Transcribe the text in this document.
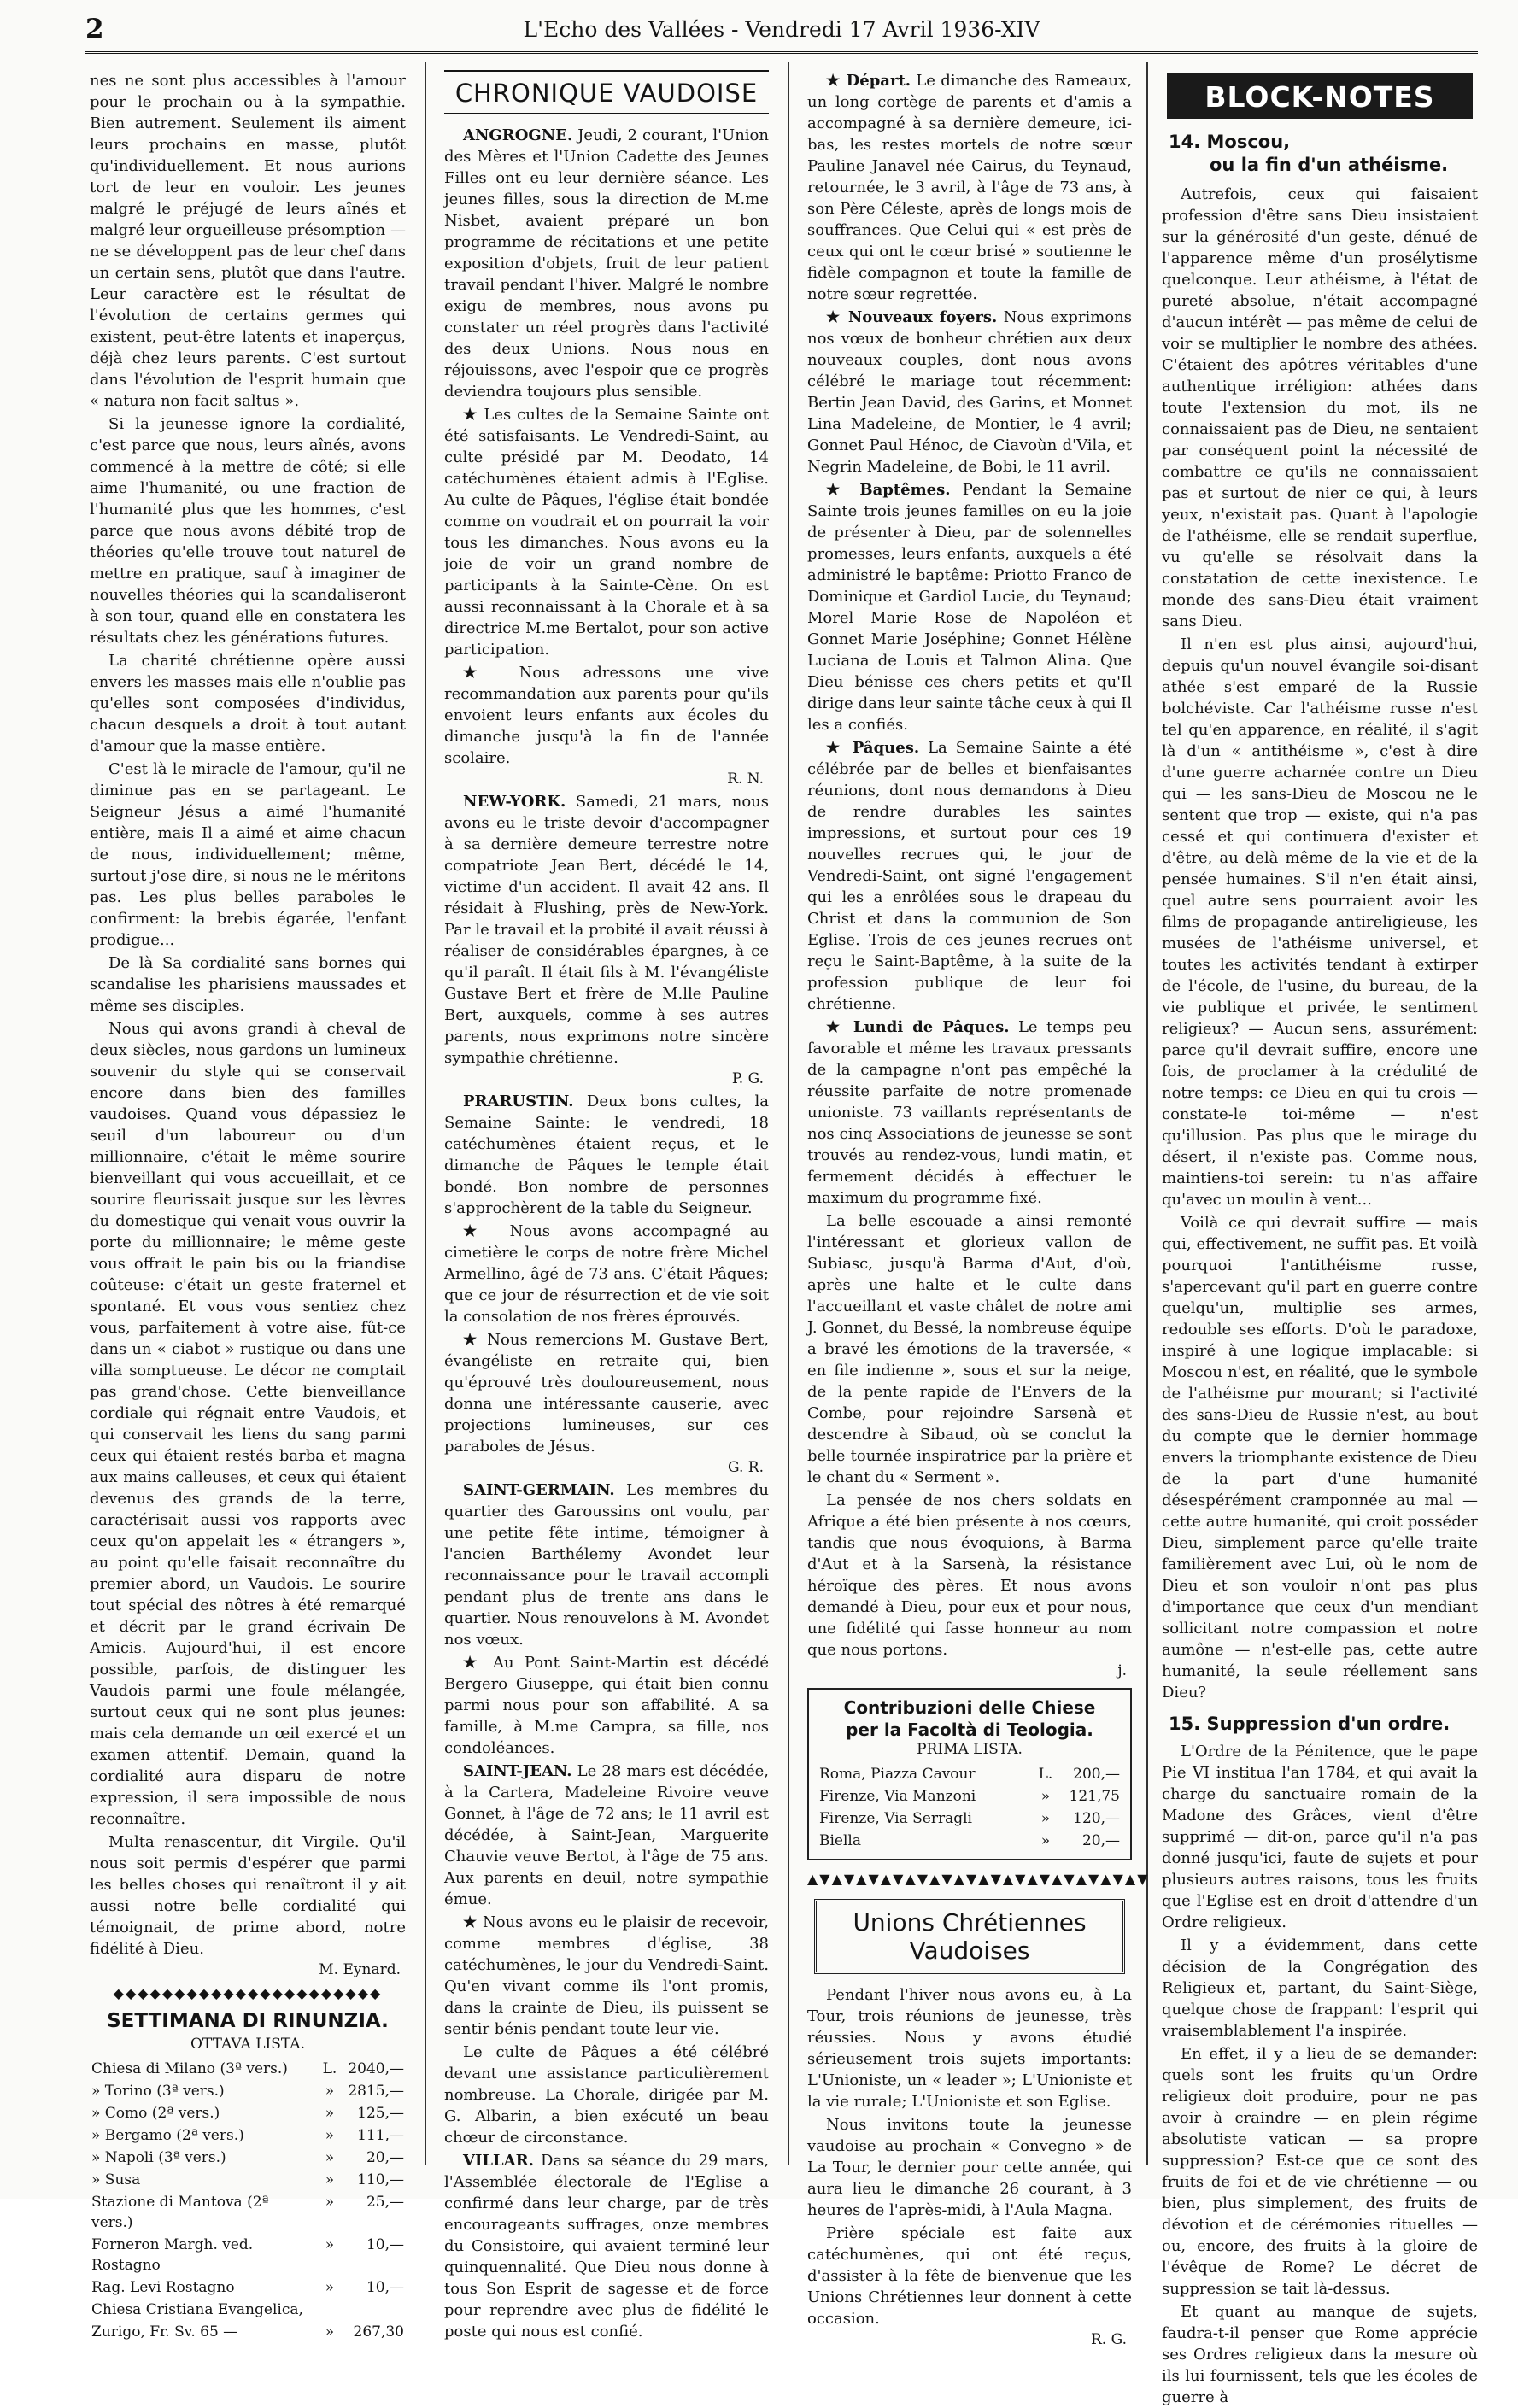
2	L'Echo des Vallées - Vendredi 17 Avril 1936-XIV

nes ne sont plus accessibles à l'amour pour le prochain ou à la sympathie. Bien autrement. Seulement ils aiment leurs prochains en masse, plutôt qu'individuellement. Et nous aurions tort de leur en vouloir. Les jeunes malgré le préjugé de leurs aînés et malgré leur orgueilleuse présomption — ne se développent pas de leur chef dans un certain sens, plutôt que dans l'autre. Leur caractère est le résultat de l'évolution de certains germes qui existent, peut-être latents et inaperçus, déjà chez leurs parents. C'est surtout dans l'évolution de l'esprit humain que « natura non facit saltus ».

Si la jeunesse ignore la cordialité, c'est parce que nous, leurs aînés, avons commencé à la mettre de côté; si elle aime l'humanité, ou une fraction de l'humanité plus que les hommes, c'est parce que nous avons débité trop de théories qu'elle trouve tout naturel de mettre en pratique, sauf à imaginer de nouvelles théories qui la scandaliseront à son tour, quand elle en constatera les résultats chez les générations futures.

La charité chrétienne opère aussi envers les masses mais elle n'oublie pas qu'elles sont composées d'individus, chacun desquels a droit à tout autant d'amour que la masse entière.

C'est là le miracle de l'amour, qu'il ne diminue pas en se partageant. Le Seigneur Jésus a aimé l'humanité entière, mais Il a aimé et aime chacun de nous, individuellement; même, surtout j'ose dire, si nous ne le méritons pas. Les plus belles paraboles le confirment: la brebis égarée, l'enfant prodigue...

De là Sa cordialité sans bornes qui scandalise les pharisiens maussades et même ses disciples.

Nous qui avons grandi à cheval de deux siècles, nous gardons un lumineux souvenir du style qui se conservait encore dans bien des familles vaudoises. Quand vous dépassiez le seuil d'un laboureur ou d'un millionnaire, c'était le même sourire bienveillant qui vous accueillait, et ce sourire fleurissait jusque sur les lèvres du domestique qui venait vous ouvrir la porte du millionnaire; le même geste vous offrait le pain bis ou la friandise coûteuse: c'était un geste fraternel et spontané. Et vous vous sentiez chez vous, parfaitement à votre aise, fût-ce dans un « ciabot » rustique ou dans une villa somptueuse. Le décor ne comptait pas grand'chose. Cette bienveillance cordiale qui régnait entre Vaudois, et qui conservait les liens du sang parmi ceux qui étaient restés barba et magna aux mains calleuses, et ceux qui étaient devenus des grands de la terre, caractérisait aussi vos rapports avec ceux qu'on appelait les « étrangers », au point qu'elle faisait reconnaître du premier abord, un Vaudois. Le sourire tout spécial des nôtres à été remarqué et décrit par le grand écrivain De Amicis. Aujourd'hui, il est encore possible, parfois, de distinguer les Vaudois parmi une foule mélangée, surtout ceux qui ne sont plus jeunes: mais cela demande un œil exercé et un examen attentif. Demain, quand la cordialité aura disparu de notre expression, il sera impossible de nous reconnaître.

Multa renascentur, dit Virgile. Qu'il nous soit permis d'espérer que parmi les belles choses qui renaîtront il y ait aussi notre belle cordialité qui témoignait, de prime abord, notre fidélité à Dieu.

M. Eynard.
◆◆◆◆◆◆◆◆◆◆◆◆◆◆◆◆◆◆◆◆◆◆
SETTIMANA DI RINUNZIA.
OTTAVA LISTA.
Chiesa di Milano (3ª vers.)	L.	2040,—
» Torino (3ª vers.)	»	2815,—
» Como (2ª vers.)	»	125,—
» Bergamo (2ª vers.)	»	111,—
» Napoli (3ª vers.)	»	20,—
» Susa	»	110,—
Stazione di Mantova (2ª vers.)	»	25,—
Forneron Margh. ved. Rostagno	»	10,—
Rag. Levi Rostagno	»	10,—
Chiesa Cristiana Evangelica,		
Zurigo, Fr. Sv. 65 —	»	267,30
CHRONIQUE VAUDOISE

ANGROGNE. Jeudi, 2 courant, l'Union des Mères et l'Union Cadette des Jeunes Filles ont eu leur dernière séance. Les jeunes filles, sous la direction de M.me Nisbet, avaient préparé un bon programme de récitations et une petite exposition d'objets, fruit de leur patient travail pendant l'hiver. Malgré le nombre exigu de membres, nous avons pu constater un réel progrès dans l'activité des deux Unions. Nous nous en réjouissons, avec l'espoir que ce progrès deviendra toujours plus sensible.

★ Les cultes de la Semaine Sainte ont été satisfaisants. Le Vendredi-Saint, au culte présidé par M. Deodato, 14 catéchumènes étaient admis à l'Eglise. Au culte de Pâques, l'église était bondée comme on voudrait et on pourrait la voir tous les dimanches. Nous avons eu la joie de voir un grand nombre de participants à la Sainte-Cène. On est aussi reconnaissant à la Chorale et à sa directrice M.me Bertalot, pour son active participation.

★ Nous adressons une vive recommandation aux parents pour qu'ils envoient leurs enfants aux écoles du dimanche jusqu'à la fin de l'année scolaire.

R. N.

NEW-YORK. Samedi, 21 mars, nous avons eu le triste devoir d'accompagner à sa dernière demeure terrestre notre compatriote Jean Bert, décédé le 14, victime d'un accident. Il avait 42 ans. Il résidait à Flushing, près de New-York. Par le travail et la probité il avait réussi à réaliser de considérables épargnes, à ce qu'il paraît. Il était fils à M. l'évangéliste Gustave Bert et frère de M.lle Pauline Bert, auxquels, comme à ses autres parents, nous exprimons notre sincère sympathie chrétienne.

P. G.

PRARUSTIN. Deux bons cultes, la Semaine Sainte: le vendredi, 18 catéchumènes étaient reçus, et le dimanche de Pâques le temple était bondé. Bon nombre de personnes s'approchèrent de la table du Seigneur.

★ Nous avons accompagné au cimetière le corps de notre frère Michel Armellino, âgé de 73 ans. C'était Pâques; que ce jour de résurrection et de vie soit la consolation de nos frères éprouvés.

★ Nous remercions M. Gustave Bert, évangéliste en retraite qui, bien qu'éprouvé très douloureusement, nous donna une intéressante causerie, avec projections lumineuses, sur ces paraboles de Jésus.

G. R.

SAINT-GERMAIN. Les membres du quartier des Garoussins ont voulu, par une petite fête intime, témoigner à l'ancien Barthélemy Avondet leur reconnaissance pour le travail accompli pendant plus de trente ans dans le quartier. Nous renouvelons à M. Avondet nos vœux.

★ Au Pont Saint-Martin est décédé Bergero Giuseppe, qui était bien connu parmi nous pour son affabilité. A sa famille, à M.me Campra, sa fille, nos condoléances.

SAINT-JEAN. Le 28 mars est décédée, à la Cartera, Madeleine Rivoire veuve Gonnet, à l'âge de 72 ans; le 11 avril est décédée, à Saint-Jean, Marguerite Chauvie veuve Bertot, à l'âge de 75 ans. Aux parents en deuil, notre sympathie émue.

★ Nous avons eu le plaisir de recevoir, comme membres d'église, 38 catéchumènes, le jour du Vendredi-Saint. Qu'en vivant comme ils l'ont promis, dans la crainte de Dieu, ils puissent se sentir bénis pendant toute leur vie.

Le culte de Pâques a été célébré devant une assistance particulièrement nombreuse. La Chorale, dirigée par M. G. Albarin, a bien exécuté un beau chœur de circonstance.

VILLAR. Dans sa séance du 29 mars, l'Assemblée électorale de l'Eglise a confirmé dans leur charge, par de très encourageants suffrages, onze membres du Consistoire, qui avaient terminé leur quinquennalité. Que Dieu nous donne à tous Son Esprit de sagesse et de force pour reprendre avec plus de fidélité le poste qui nous est confié.

★ Départ. Le dimanche des Rameaux, un long cortège de parents et d'amis a accompagné à sa dernière demeure, ici-bas, les restes mortels de notre sœur Pauline Janavel née Cairus, du Teynaud, retournée, le 3 avril, à l'âge de 73 ans, à son Père Céleste, après de longs mois de souffrances. Que Celui qui « est près de ceux qui ont le cœur brisé » soutienne le fidèle compagnon et toute la famille de notre sœur regrettée.

★ Nouveaux foyers. Nous exprimons nos vœux de bonheur chrétien aux deux nouveaux couples, dont nous avons célébré le mariage tout récemment: Bertin Jean David, des Garins, et Monnet Lina Madeleine, de Montier, le 4 avril; Gonnet Paul Hénoc, de Ciavoùn d'Vila, et Negrin Madeleine, de Bobi, le 11 avril.

★ Baptêmes. Pendant la Semaine Sainte trois jeunes familles on eu la joie de présenter à Dieu, par de solennelles promesses, leurs enfants, auxquels a été administré le baptême: Priotto Franco de Dominique et Gardiol Lucie, du Teynaud; Morel Marie Rose de Napoléon et Gonnet Marie Joséphine; Gonnet Hélène Luciana de Louis et Talmon Alina. Que Dieu bénisse ces chers petits et qu'Il dirige dans leur sainte tâche ceux à qui Il les a confiés.

★ Pâques. La Semaine Sainte a été célébrée par de belles et bienfaisantes réunions, dont nous demandons à Dieu de rendre durables les saintes impressions, et surtout pour ces 19 nouvelles recrues qui, le jour de Vendredi-Saint, ont signé l'engagement qui les a enrôlées sous le drapeau du Christ et dans la communion de Son Eglise. Trois de ces jeunes recrues ont reçu le Saint-Baptême, à la suite de la profession publique de leur foi chrétienne.

★ Lundi de Pâques. Le temps peu favorable et même les travaux pressants de la campagne n'ont pas empêché la réussite parfaite de notre promenade unioniste. 73 vaillants représentants de nos cinq Associations de jeunesse se sont trouvés au rendez-vous, lundi matin, et fermement décidés à effectuer le maximum du programme fixé.

La belle escouade a ainsi remonté l'intéressant et glorieux vallon de Subiasc, jusqu'à Barma d'Aut, d'où, après une halte et le culte dans l'accueillant et vaste châlet de notre ami J. Gonnet, du Bessé, la nombreuse équipe a bravé les émotions de la traversée, « en file indienne », sous et sur la neige, de la pente rapide de l'Envers de la Combe, pour rejoindre Sarsenà et descendre à Sibaud, où se conclut la belle tournée inspiratrice par la prière et le chant du « Serment ».

La pensée de nos chers soldats en Afrique a été bien présente à nos cœurs, tandis que nous évoquions, à Barma d'Aut et à la Sarsenà, la résistance héroïque des pères. Et nous avons demandé à Dieu, pour eux et pour nous, une fidélité qui fasse honneur au nom que nous portons.

j.
Contribuzioni delle Chiese
per la Facoltà di Teologia.
PRIMA LISTA.
Roma, Piazza Cavour	L.	200,—
Firenze, Via Manzoni	»	121,75
Firenze, Via Serragli	»	120,—
Biella	»	20,—
▲▼▲▼▲▼▲▼▲▼▲▼▲▼▲▼▲▼▲▼▲▼▲▼▲▼▲▼
Unions Chrétiennes Vaudoises

Pendant l'hiver nous avons eu, à La Tour, trois réunions de jeunesse, très réussies. Nous y avons étudié sérieusement trois sujets importants: L'Unioniste, un « leader »; L'Unioniste et la vie rurale; L'Unioniste et son Eglise.

Nous invitons toute la jeunesse vaudoise au prochain « Convegno » de La Tour, le dernier pour cette année, qui aura lieu le dimanche 26 courant, à 3 heures de l'après-midi, à l'Aula Magna.

Prière spéciale est faite aux catéchumènes, qui ont été reçus, d'assister à la fête de bienvenue que les Unions Chrétiennes leur donnent à cette occasion.

R. G.
BLOCK-NOTES
14. Moscou,
ou la fin d'un athéisme.

Autrefois, ceux qui faisaient profession d'être sans Dieu insistaient sur la générosité d'un geste, dénué de l'apparence même d'un prosélytisme quelconque. Leur athéisme, à l'état de pureté absolue, n'était accompagné d'aucun intérêt — pas même de celui de voir se multiplier le nombre des athées. C'étaient des apôtres véritables d'une authentique irréligion: athées dans toute l'extension du mot, ils ne connaissaient pas de Dieu, ne sentaient par conséquent point la nécessité de combattre ce qu'ils ne connaissaient pas et surtout de nier ce qui, à leurs yeux, n'existait pas. Quant à l'apologie de l'athéisme, elle se rendait superflue, vu qu'elle se résolvait dans la constatation de cette inexistence. Le monde des sans-Dieu était vraiment sans Dieu.

Il n'en est plus ainsi, aujourd'hui, depuis qu'un nouvel évangile soi-disant athée s'est emparé de la Russie bolchéviste. Car l'athéisme russe n'est tel qu'en apparence, en réalité, il s'agit là d'un « antithéisme », c'est à dire d'une guerre acharnée contre un Dieu qui — les sans-Dieu de Moscou ne le sentent que trop — existe, qui n'a pas cessé et qui continuera d'exister et d'être, au delà même de la vie et de la pensée humaines. S'il n'en était ainsi, quel autre sens pourraient avoir les films de propagande antireligieuse, les musées de l'athéisme universel, et toutes les activités tendant à extirper de l'école, de l'usine, du bureau, de la vie publique et privée, le sentiment religieux? — Aucun sens, assurément: parce qu'il devrait suffire, encore une fois, de proclamer à la crédulité de notre temps: ce Dieu en qui tu crois — constate-le toi-même — n'est qu'illusion. Pas plus que le mirage du désert, il n'existe pas. Comme nous, maintiens-toi serein: tu n'as affaire qu'avec un moulin à vent...

Voilà ce qui devrait suffire — mais qui, effectivement, ne suffit pas. Et voilà pourquoi l'antithéisme russe, s'apercevant qu'il part en guerre contre quelqu'un, multiplie ses armes, redouble ses efforts. D'où le paradoxe, inspiré à une logique implacable: si Moscou n'est, en réalité, que le symbole de l'athéisme pur mourant; si l'activité des sans-Dieu de Russie n'est, au bout du compte que le dernier hommage envers la triomphante existence de Dieu de la part d'une humanité désespérément cramponnée au mal — cette autre humanité, qui croit posséder Dieu, simplement parce qu'elle traite familièrement avec Lui, où le nom de Dieu et son vouloir n'ont pas plus d'importance que ceux d'un mendiant sollicitant notre compassion et notre aumône — n'est-elle pas, cette autre humanité, la seule réellement sans Dieu?

15. Suppression d'un ordre.

L'Ordre de la Pénitence, que le pape Pie VI institua l'an 1784, et qui avait la charge du sanctuaire romain de la Madone des Grâces, vient d'être supprimé — dit-on, parce qu'il n'a pas donné jusqu'ici, faute de sujets et pour plusieurs autres raisons, tous les fruits que l'Eglise est en droit d'attendre d'un Ordre religieux.

Il y a évidemment, dans cette décision de la Congrégation des Religieux et, partant, du Saint-Siège, quelque chose de frappant: l'esprit qui vraisemblablement l'a inspirée.

En effet, il y a lieu de se demander: quels sont les fruits qu'un Ordre religieux doit produire, pour ne pas avoir à craindre — en plein régime absolutiste vatican — sa propre suppression? Est-ce que ce sont des fruits de foi et de vie chrétienne — ou bien, plus simplement, des fruits de dévotion et de cérémonies rituelles — ou, encore, des fruits à la gloire de l'évêque de Rome? Le décret de suppression se tait là-dessus.

Et quant au manque de sujets, faudra-t-il penser que Rome apprécie ses Ordres religieux dans la mesure où ils lui fournissent, tels que les écoles de guerre à
